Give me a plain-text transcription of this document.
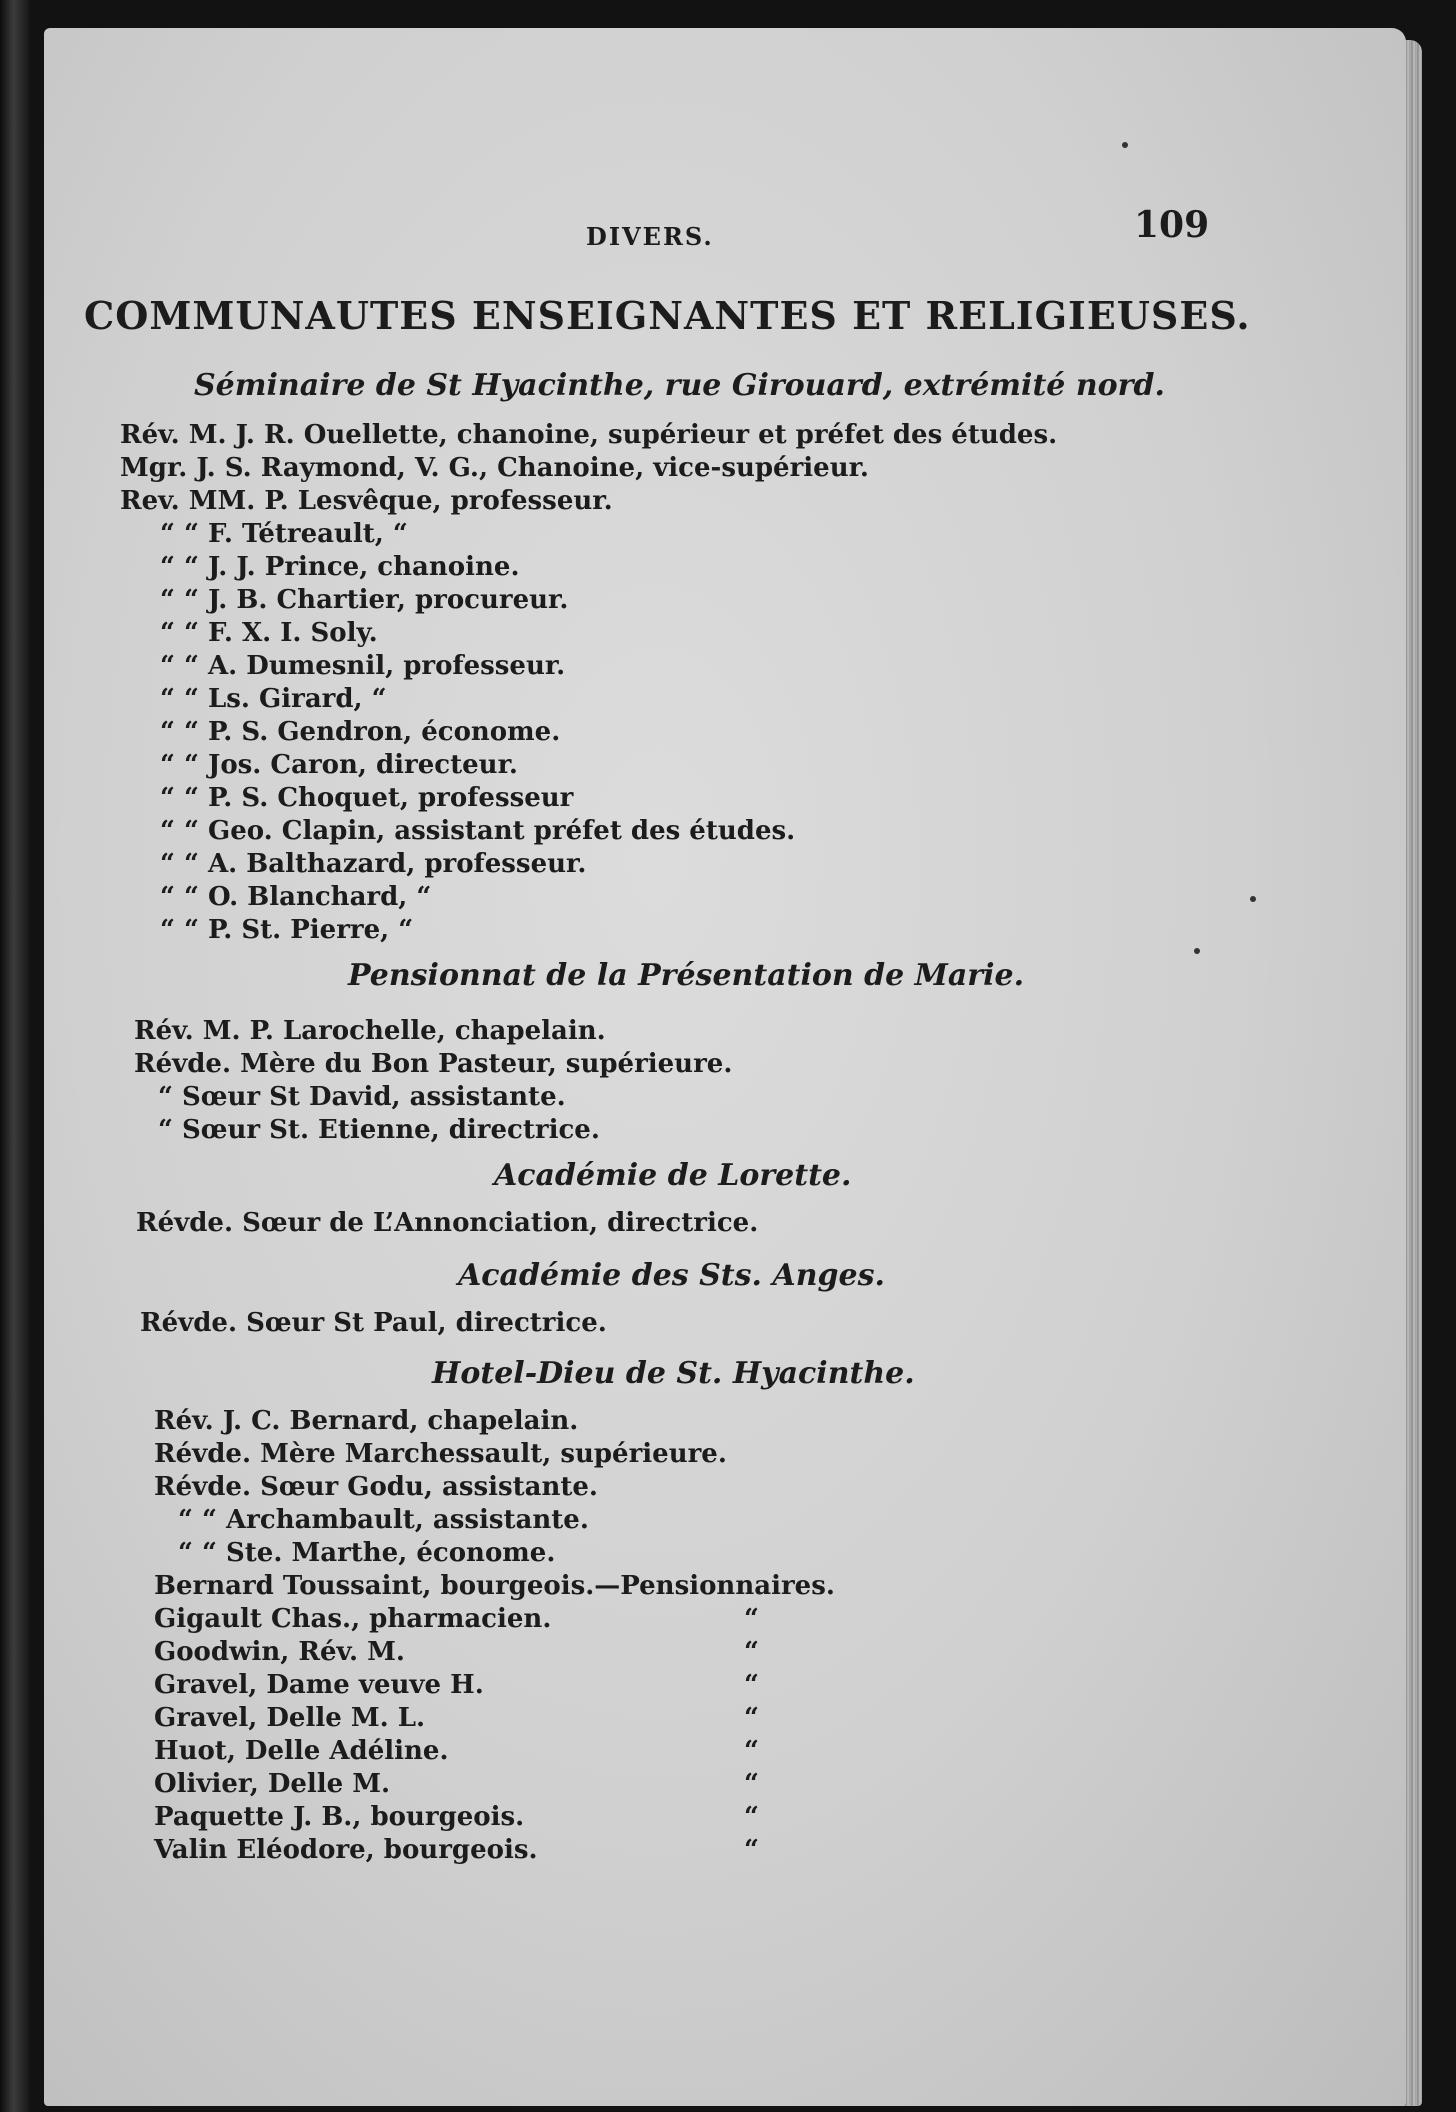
DIVERS.	109
COMMUNAUTES ENSEIGNANTES ET RELIGIEUSES.
Séminaire de St Hyacinthe, rue Girouard, extrémité nord.
Rév. M. J. R. Ouellette, chanoine, supérieur et préfet des études.
Mgr. J. S. Raymond, V. G., Chanoine, vice-supérieur.
Rev. MM. P. Lesvêque, professeur.
“ “ F. Tétreault, “
“ “ J. J. Prince, chanoine.
“ “ J. B. Chartier, procureur.
“ “ F. X. I. Soly.
“ “ A. Dumesnil, professeur.
“ “ Ls. Girard, “
“ “ P. S. Gendron, économe.
“ “ Jos. Caron, directeur.
“ “ P. S. Choquet, professeur
“ “ Geo. Clapin, assistant préfet des études.
“ “ A. Balthazard, professeur.
“ “ O. Blanchard, “
“ “ P. St. Pierre, “
Pensionnat de la Présentation de Marie.
Rév. M. P. Larochelle, chapelain.
Révde. Mère du Bon Pasteur, supérieure.
“ Sœur St David, assistante.
“ Sœur St. Etienne, directrice.
Académie de Lorette.
Révde. Sœur de L’Annonciation, directrice.
Académie des Sts. Anges.
Révde. Sœur St Paul, directrice.
Hotel-Dieu de St. Hyacinthe.
Rév. J. C. Bernard, chapelain.
Révde. Mère Marchessault, supérieure.
Révde. Sœur Godu, assistante.
“ “ Archambault, assistante.
“ “ Ste. Marthe, économe.
Bernard Toussaint, bourgeois.—Pensionnaires.
Gigault Chas., pharmacien.
Goodwin, Rév. M.
Gravel, Dame veuve H.
Gravel, Delle M. L.
Huot, Delle Adéline.
Olivier, Delle M.
Paquette J. B., bourgeois.
Valin Eléodore, bourgeois.
“
“
“
“
“
“
“
“
